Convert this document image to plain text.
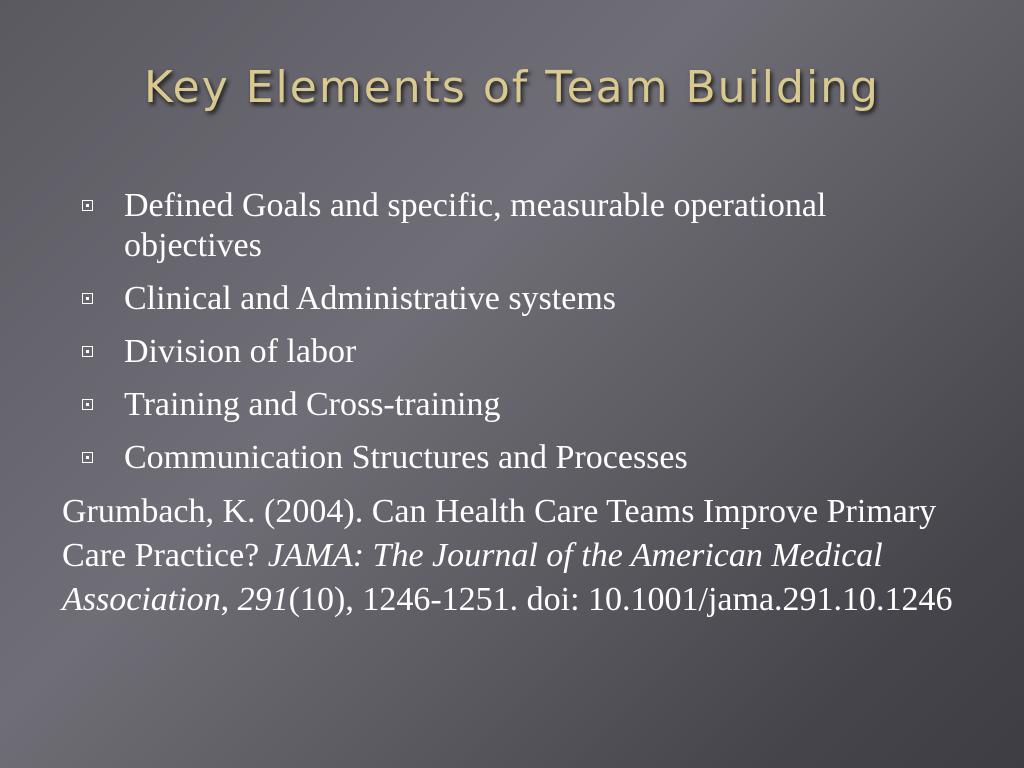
Key Elements of Team Building
Defined Goals and specific, measurable operational objectives
Clinical and Administrative systems
Division of labor
Training and Cross-training
Communication Structures and Processes

Grumbach, K. (2004). Can Health Care Teams Improve Primary Care Practice? JAMA: The Journal of the American Medical Association, 291(10), 1246-1251. doi: 10.1001/jama.291.10.1246
